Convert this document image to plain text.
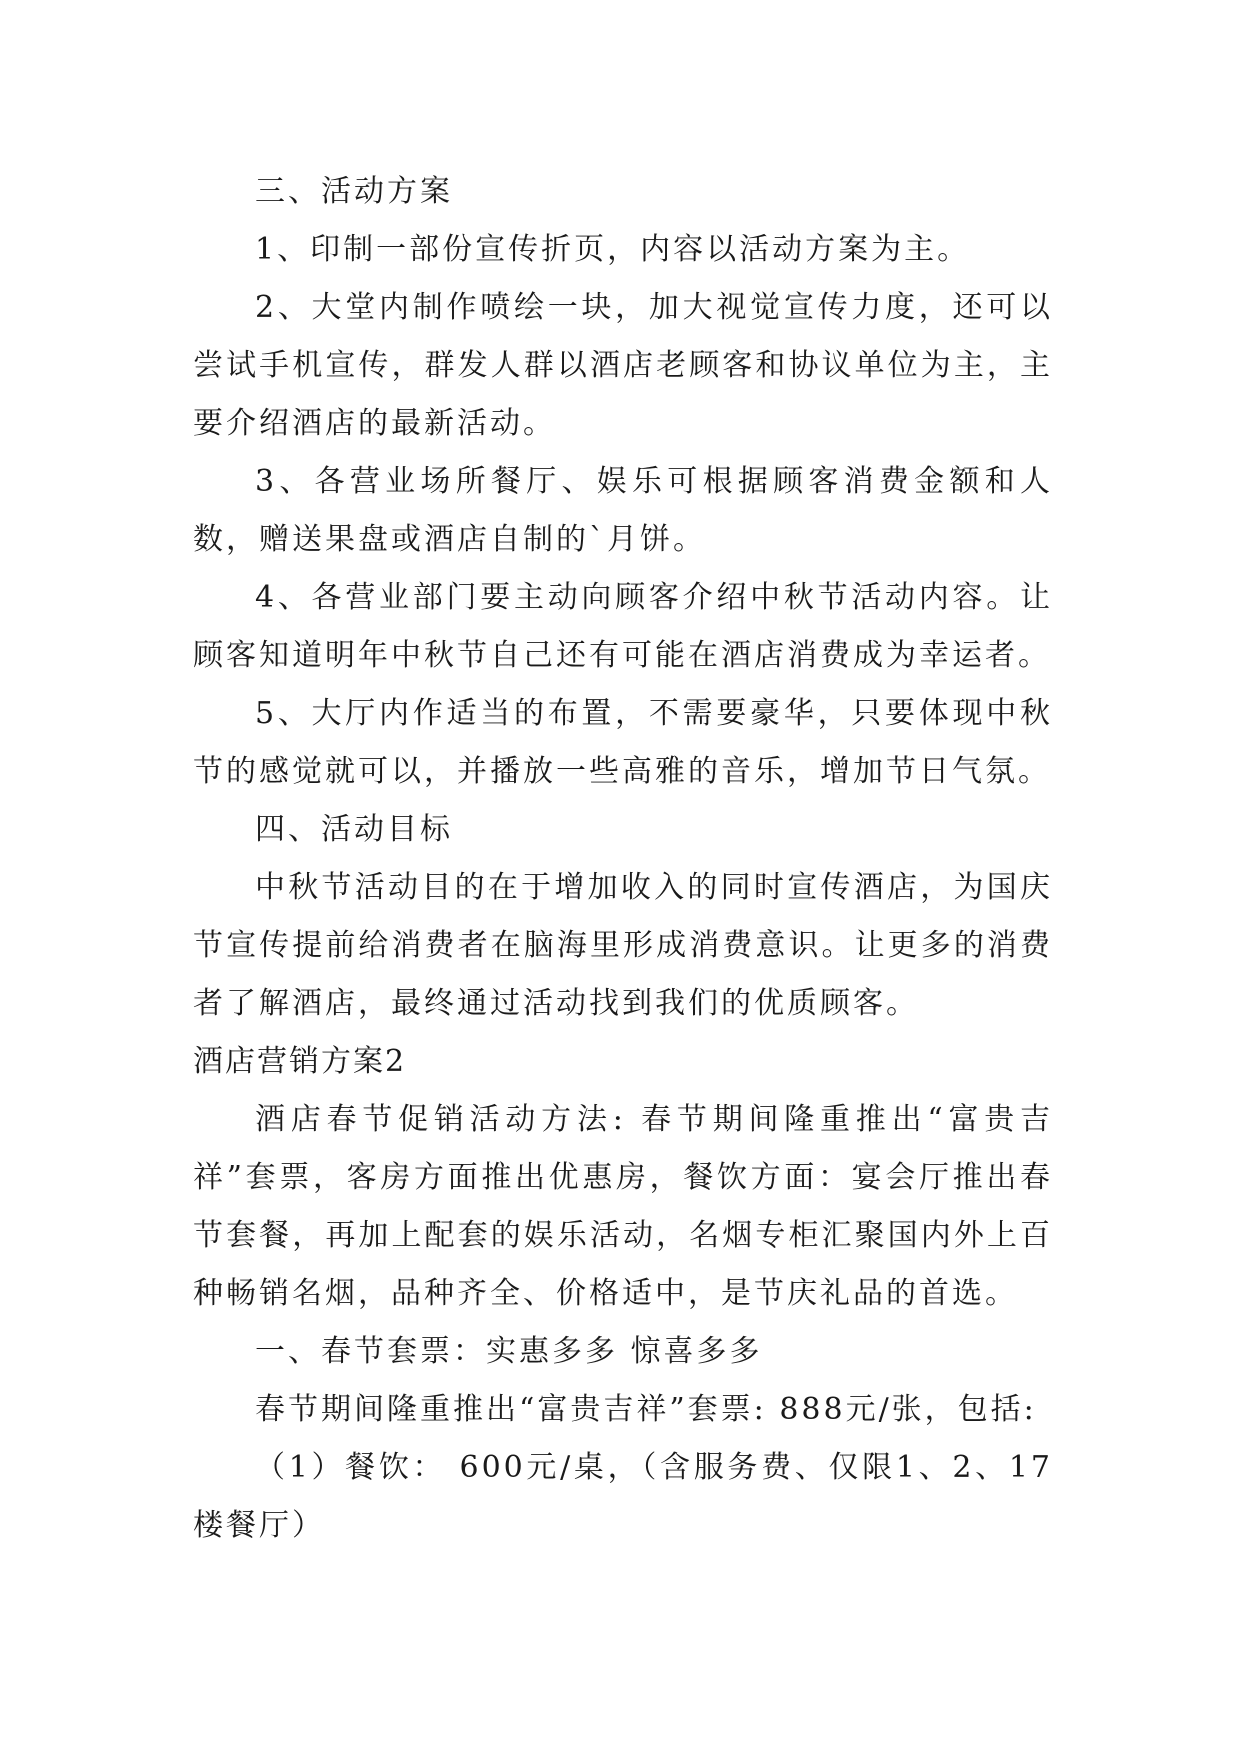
三、活动方案

1、印制一部份宣传折页，内容以活动方案为主。

2、大堂内制作喷绘一块，加大视觉宣传力度，还可以尝试手机宣传，群发人群以酒店老顾客和协议单位为主，主要介绍酒店的最新活动。

3、各营业场所餐厅、娱乐可根据顾客消费金额和人数，赠送果盘或酒店自制的`月饼。

4、各营业部门要主动向顾客介绍中秋节活动内容。让顾客知道明年中秋节自己还有可能在酒店消费成为幸运者。

5、大厅内作适当的布置，不需要豪华，只要体现中秋节的感觉就可以，并播放一些高雅的音乐，增加节日气氛。

四、活动目标

中秋节活动目的在于增加收入的同时宣传酒店，为国庆节宣传提前给消费者在脑海里形成消费意识。让更多的消费者了解酒店，最终通过活动找到我们的优质顾客。

酒店营销方案2

酒店春节促销活动方法: 春节期间隆重推出“富贵吉祥”套票，客房方面推出优惠房，餐饮方面：宴会厅推出春节套餐，再加上配套的娱乐活动，名烟专柜汇聚国内外上百种畅销名烟，品种齐全、价格适中，是节庆礼品的首选。

一、春节套票：实惠多多 惊喜多多

春节期间隆重推出“富贵吉祥”套票: 888元/张，包括:

（1）餐饮： 600元/桌，（含服务费、仅限1、2、17楼餐厅）
